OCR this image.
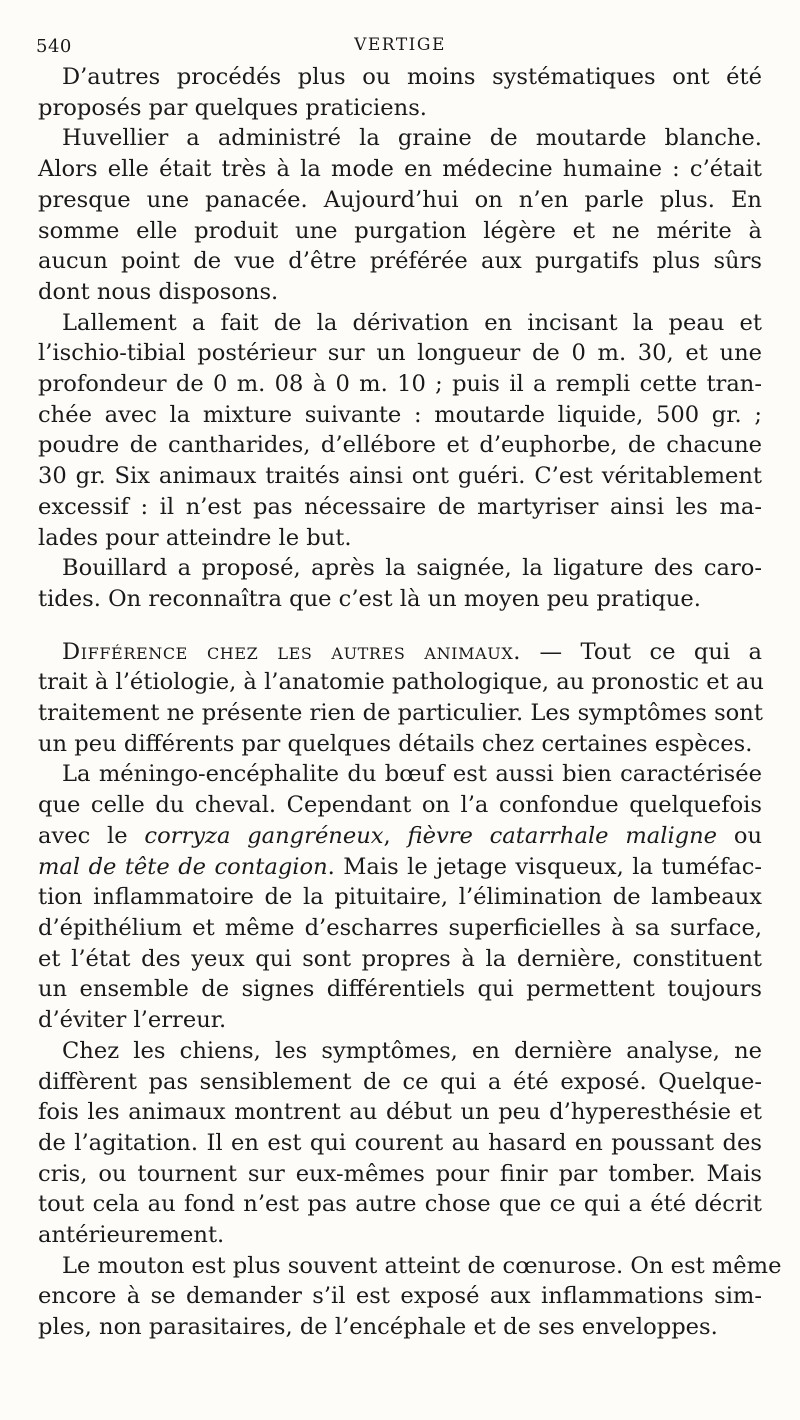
540	VERTIGE
D’autres procédés plus ou moins systématiques ont été
proposés par quelques praticiens.
Huvellier a administré la graine de moutarde blanche.
Alors elle était très à la mode en médecine humaine : c’était
presque une panacée. Aujourd’hui on n’en parle plus. En
somme elle produit une purgation légère et ne mérite à
aucun point de vue d’être préférée aux purgatifs plus sûrs
dont nous disposons.
Lallement a fait de la dérivation en incisant la peau et
l’ischio-tibial postérieur sur un longueur de 0 m. 30, et une
profondeur de 0 m. 08 à 0 m. 10 ; puis il a rempli cette tran-
chée avec la mixture suivante : moutarde liquide, 500 gr. ;
poudre de cantharides, d’ellébore et d’euphorbe, de chacune
30 gr. Six animaux traités ainsi ont guéri. C’est véritablement
excessif : il n’est pas nécessaire de martyriser ainsi les ma-
lades pour atteindre le but.
Bouillard a proposé, après la saignée, la ligature des caro-
tides. On reconnaîtra que c’est là un moyen peu pratique.
Différence chez les autres animaux. — Tout ce qui a
trait à l’étiologie, à l’anatomie pathologique, au pronostic et au
traitement ne présente rien de particulier. Les symptômes sont
un peu différents par quelques détails chez certaines espèces.
La méningo-encéphalite du bœuf est aussi bien caractérisée
que celle du cheval. Cependant on l’a confondue quelquefois
avec le corryza gangréneux, fièvre catarrhale maligne ou
mal de tête de contagion. Mais le jetage visqueux, la tuméfac-
tion inflammatoire de la pituitaire, l’élimination de lambeaux
d’épithélium et même d’escharres superficielles à sa surface,
et l’état des yeux qui sont propres à la dernière, constituent
un ensemble de signes différentiels qui permettent toujours
d’éviter l’erreur.
Chez les chiens, les symptômes, en dernière analyse, ne
diffèrent pas sensiblement de ce qui a été exposé. Quelque-
fois les animaux montrent au début un peu d’hyperesthésie et
de l’agitation. Il en est qui courent au hasard en poussant des
cris, ou tournent sur eux-mêmes pour finir par tomber. Mais
tout cela au fond n’est pas autre chose que ce qui a été décrit
antérieurement.
Le mouton est plus souvent atteint de cœnurose. On est même
encore à se demander s’il est exposé aux inflammations sim-
ples, non parasitaires, de l’encéphale et de ses enveloppes.
